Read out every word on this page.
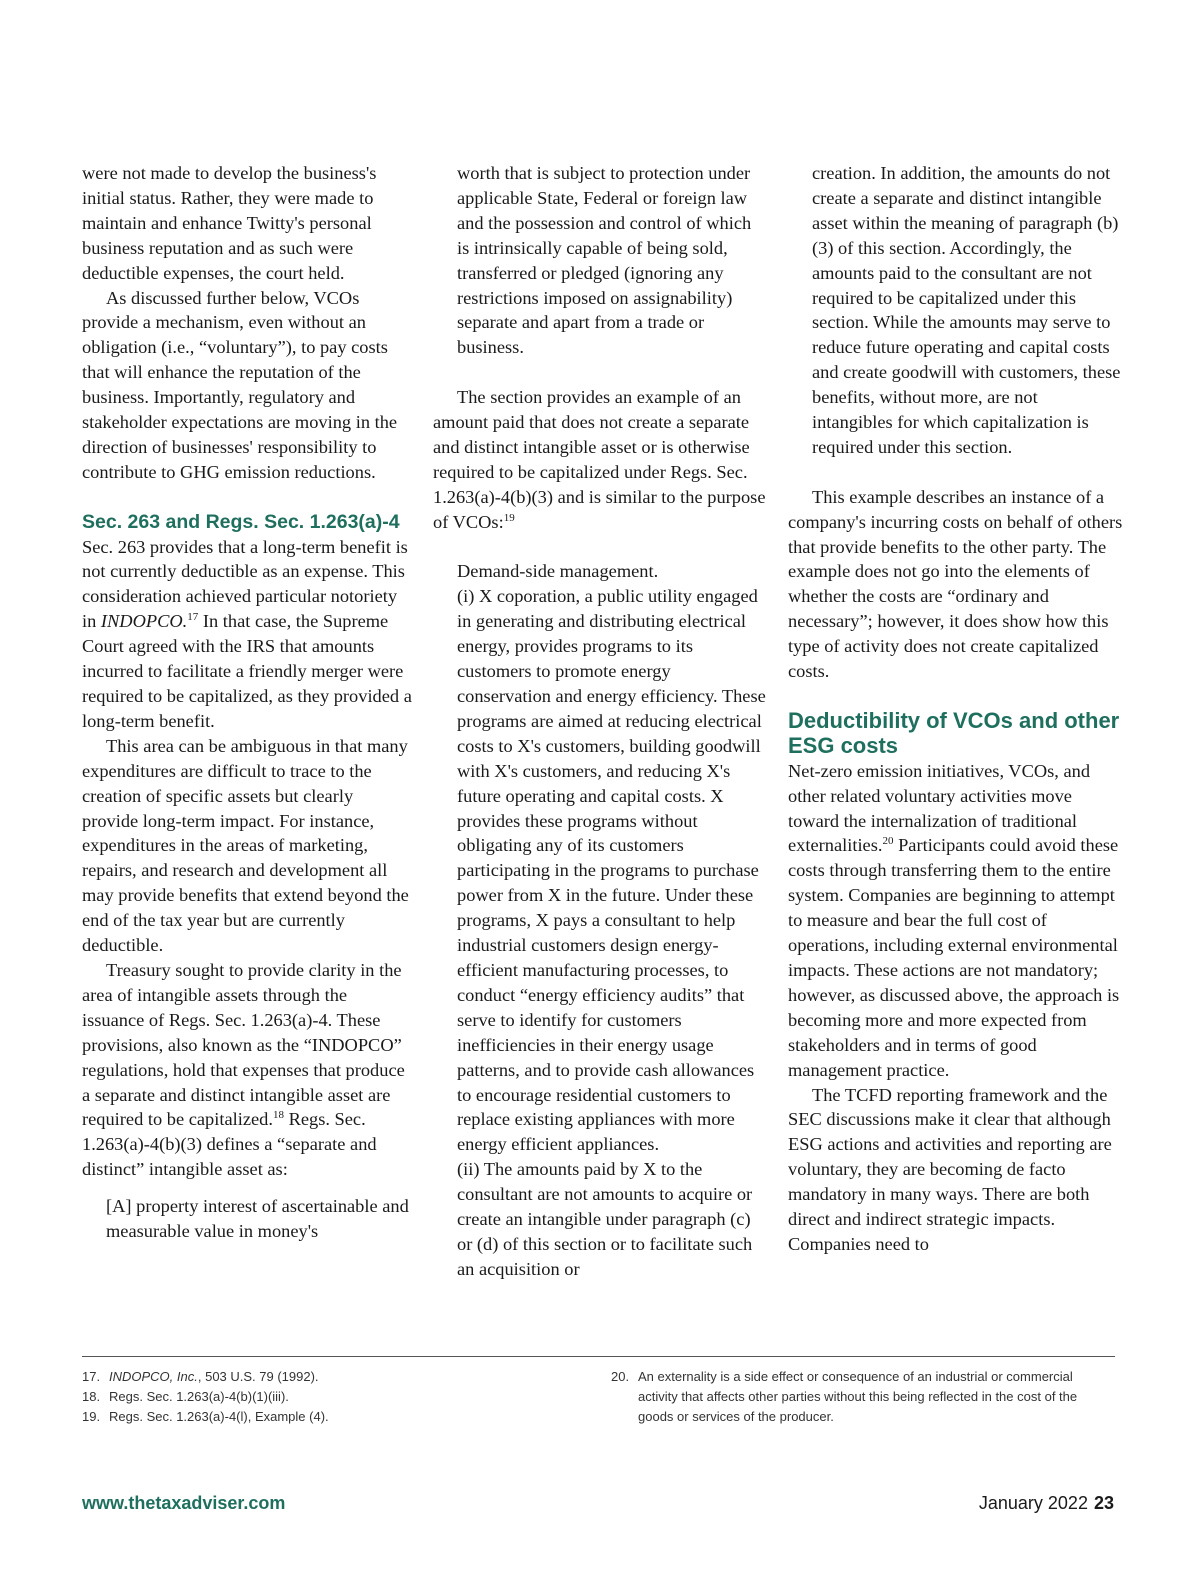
were not made to develop the business's initial status. Rather, they were made to maintain and enhance Twitty's personal business reputation and as such were deductible expenses, the court held.

As discussed further below, VCOs provide a mechanism, even without an obligation (i.e., “voluntary”), to pay costs that will enhance the reputation of the business. Importantly, regulatory and stakeholder expectations are moving in the direction of businesses' responsibility to contribute to GHG emission reductions.

Sec. 263 and Regs. Sec. 1.263(a)-4

Sec. 263 provides that a long-term benefit is not currently deductible as an expense. This consideration achieved particular notoriety in INDOPCO.$^{17}$ In that case, the Supreme Court agreed with the IRS that amounts incurred to facilitate a friendly merger were required to be capitalized, as they provided a long-term benefit.

This area can be ambiguous in that many expenditures are difficult to trace to the creation of specific assets but clearly provide long-term impact. For instance, expenditures in the areas of marketing, repairs, and research and development all may provide benefits that extend beyond the end of the tax year but are currently deductible.

Treasury sought to provide clarity in the area of intangible assets through the issuance of Regs. Sec. 1.263(a)-4. These provisions, also known as the “INDOPCO” regulations, hold that expenses that produce a separate and distinct intangible asset are required to be capitalized.$^{18}$ Regs. Sec. 1.263(a)-4(b)(3) defines a “separate and distinct” intangible asset as:

[A] property interest of ascertainable and measurable value in money's

worth that is subject to protection under applicable State, Federal or foreign law and the possession and control of which is intrinsically capable of being sold, transferred or pledged (ignoring any restrictions imposed on assignability) separate and apart from a trade or business.

The section provides an example of an amount paid that does not create a separate and distinct intangible asset or is otherwise required to be capitalized under Regs. Sec. 1.263(a)-4(b)(3) and is similar to the purpose of VCOs:$^{19}$

Demand-side management.

(i) X coporation, a public utility engaged in generating and distributing electrical energy, provides programs to its customers to promote energy conservation and energy efficiency. These programs are aimed at reducing electrical costs to X's customers, building goodwill with X's customers, and reducing X's future operating and capital costs. X provides these programs without obligating any of its customers participating in the programs to purchase power from X in the future. Under these programs, X pays a consultant to help industrial customers design energy-efficient manufacturing processes, to conduct “energy efficiency audits” that serve to identify for customers inefficiencies in their energy usage patterns, and to provide cash allowances to encourage residential customers to replace existing appliances with more energy efficient appliances.

(ii) The amounts paid by X to the consultant are not amounts to acquire or create an intangible under paragraph (c) or (d) of this section or to facilitate such an acquisition or

creation. In addition, the amounts do not create a separate and distinct intangible asset within the meaning of paragraph (b)(3) of this section. Accordingly, the amounts paid to the consultant are not required to be capitalized under this section. While the amounts may serve to reduce future operating and capital costs and create goodwill with customers, these benefits, without more, are not intangibles for which capitalization is required under this section.

This example describes an instance of a company's incurring costs on behalf of others that provide benefits to the other party. The example does not go into the elements of whether the costs are “ordinary and necessary”; however, it does show how this type of activity does not create capitalized costs.

Deductibility of VCOs and other ESG costs

Net-zero emission initiatives, VCOs, and other related voluntary activities move toward the internalization of traditional externalities.$^{20}$ Participants could avoid these costs through transferring them to the entire system. Companies are beginning to attempt to measure and bear the full cost of operations, including external environmental impacts. These actions are not mandatory; however, as discussed above, the approach is becoming more and more expected from stakeholders and in terms of good management practice.

The TCFD reporting framework and the SEC discussions make it clear that although ESG actions and activities and reporting are voluntary, they are becoming de facto mandatory in many ways. There are both direct and indirect strategic impacts. Companies need to

17. INDOPCO, Inc., 503 U.S. 79 (1992).
18. Regs. Sec. 1.263(a)-4(b)(1)(iii).
19. Regs. Sec. 1.263(a)-4(l), Example (4).
20. An externality is a side effect or consequence of an industrial or commercial activity that affects other parties without this being reflected in the cost of the goods or services of the producer.
www.thetaxadviser.com	January 2022 23
